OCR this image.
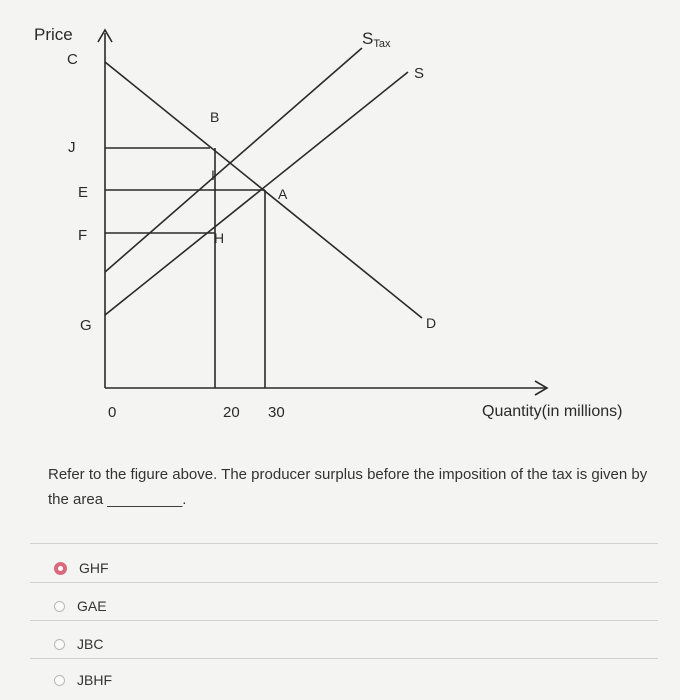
Price
Quantity(in millions)
0
C
J
E
F
G
20 30
STax
S
D
B
I
A
H
Refer to the figure above. The producer surplus before the imposition of the tax is given by the area _________.
GHF
GAE
JBC
JBHF
